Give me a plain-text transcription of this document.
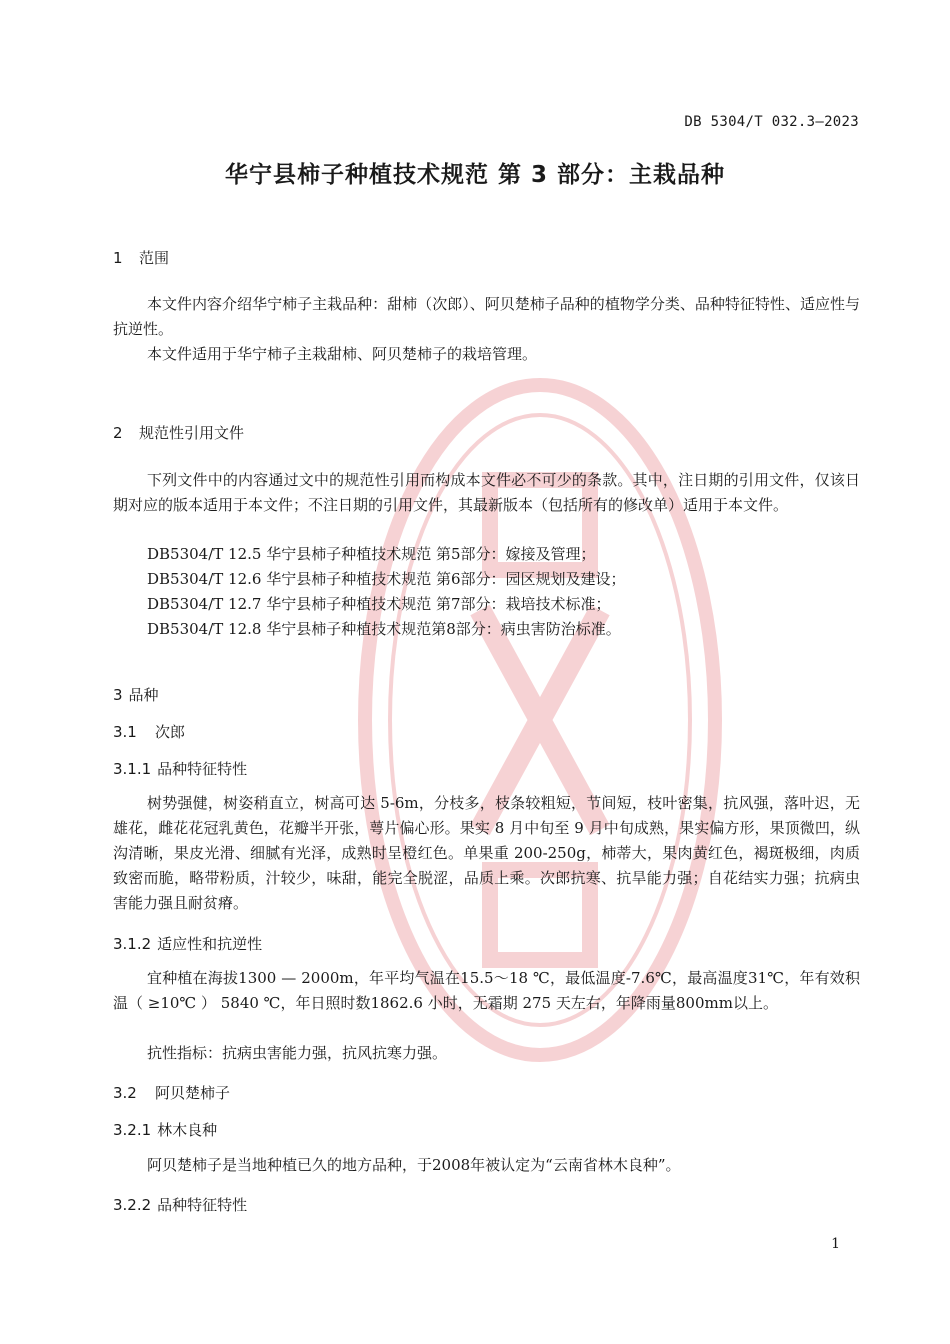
DB 5304/T 032.3—2023
华宁县柿子种植技术规范 第 3 部分：主栽品种
1 范围
本文件内容介绍华宁柿子主栽品种：甜柿（次郎）、阿贝楚柿子品种的植物学分类、品种特征特性、适应性与抗逆性。
本文件适用于华宁柿子主栽甜柿、阿贝楚柿子的栽培管理。
2 规范性引用文件
下列文件中的内容通过文中的规范性引用而构成本文件必不可少的条款。其中，注日期的引用文件，仅该日期对应的版本适用于本文件；不注日期的引用文件，其最新版本（包括所有的修改单）适用于本文件。
DB5304/T 12.5 华宁县柿子种植技术规范 第5部分：嫁接及管理；
DB5304/T 12.6 华宁县柿子种植技术规范 第6部分：园区规划及建设；
DB5304/T 12.7 华宁县柿子种植技术规范 第7部分：栽培技术标准；
DB5304/T 12.8 华宁县柿子种植技术规范第8部分：病虫害防治标准。
3 品种
3.1 次郎
3.1.1 品种特征特性
树势强健，树姿稍直立，树高可达 5-6m，分枝多，枝条较粗短，节间短，枝叶密集，抗风强，落叶迟，无雄花，雌花花冠乳黄色，花瓣半开张，萼片偏心形。果实 8 月中旬至 9 月中旬成熟，果实偏方形，果顶微凹，纵沟清晰，果皮光滑、细腻有光泽，成熟时呈橙红色。单果重 200-250g，柿蒂大，果肉黄红色，褐斑极细，肉质致密而脆，略带粉质，汁较少，味甜，能完全脱涩，品质上乘。次郎抗寒、抗旱能力强；自花结实力强；抗病虫害能力强且耐贫瘠。
3.1.2 适应性和抗逆性
宜种植在海拔1300 — 2000m，年平均气温在15.5～18 ℃，最低温度-7.6℃，最高温度31℃，年有效积温（ ≥10℃ ） 5840 ℃，年日照时数1862.6 小时，无霜期 275 天左右，年降雨量800mm以上。
抗性指标：抗病虫害能力强，抗风抗寒力强。
3.2 阿贝楚柿子
3.2.1 林木良种
阿贝楚柿子是当地种植已久的地方品种，于2008年被认定为“云南省林木良种”。
3.2.2 品种特征特性
1
